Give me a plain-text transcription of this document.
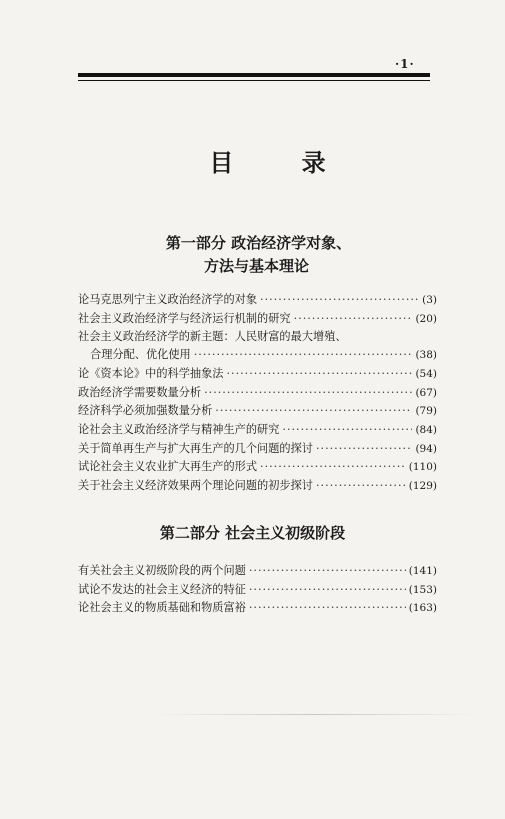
·1·
目 录
第一部分 政治经济学对象、
方法与基本理论
论马克思列宁主义政治经济学的对象 ·····	(3)
社会主义政治经济学与经济运行机制的研究 ·····	(20)
社会主义政治经济学的新主题：人民财富的最大增殖、
合理分配、优化使用 ·····	(38)
论《资本论》中的科学抽象法 ·····	(54)
政治经济学需要数量分析 ·····	(67)
经济科学必须加强数量分析 ·····	(79)
论社会主义政治经济学与精神生产的研究 ·····	(84)
关于简单再生产与扩大再生产的几个问题的探讨 ·····	(94)
试论社会主义农业扩大再生产的形式 ·····	(110)
关于社会主义经济效果两个理论问题的初步探讨 ·····	(129)
第二部分 社会主义初级阶段
有关社会主义初级阶段的两个问题 ·····	(141)
试论不发达的社会主义经济的特征 ·····	(153)
论社会主义的物质基础和物质富裕 ·····	(163)
